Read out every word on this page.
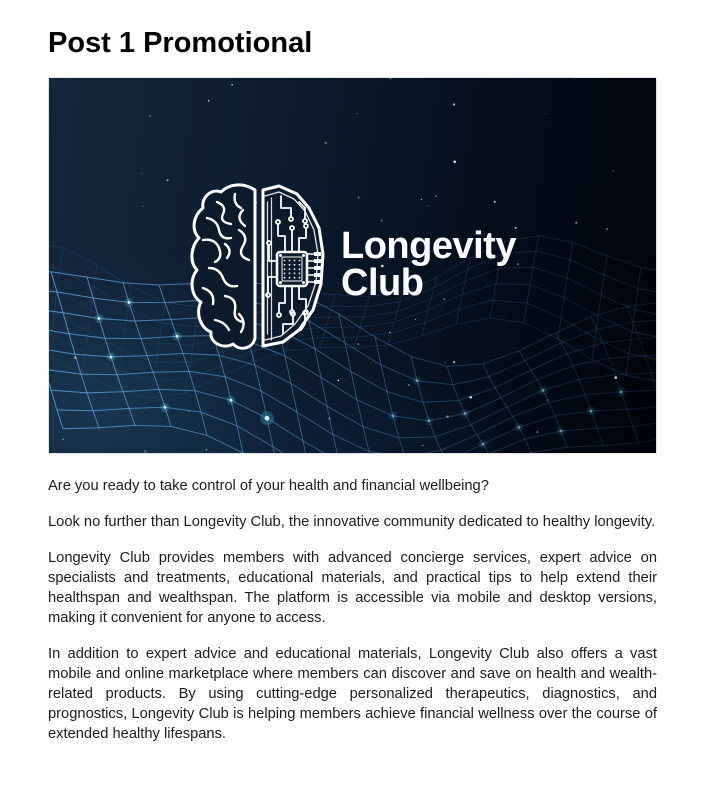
Post 1 Promotional
Longevity
Club

Are you ready to take control of your health and financial wellbeing?

Look no further than Longevity Club, the innovative community dedicated to healthy longevity.

Longevity Club provides members with advanced concierge services, expert advice on specialists and treatments, educational materials, and practical tips to help extend their healthspan and wealthspan. The platform is accessible via mobile and desktop versions, making it convenient for anyone to access.

In addition to expert advice and educational materials, Longevity Club also offers a vast mobile and online marketplace where members can discover and save on health and wealth-related products. By using cutting-edge personalized therapeutics, diagnostics, and prognostics, Longevity Club is helping members achieve financial wellness over the course of extended healthy lifespans.
